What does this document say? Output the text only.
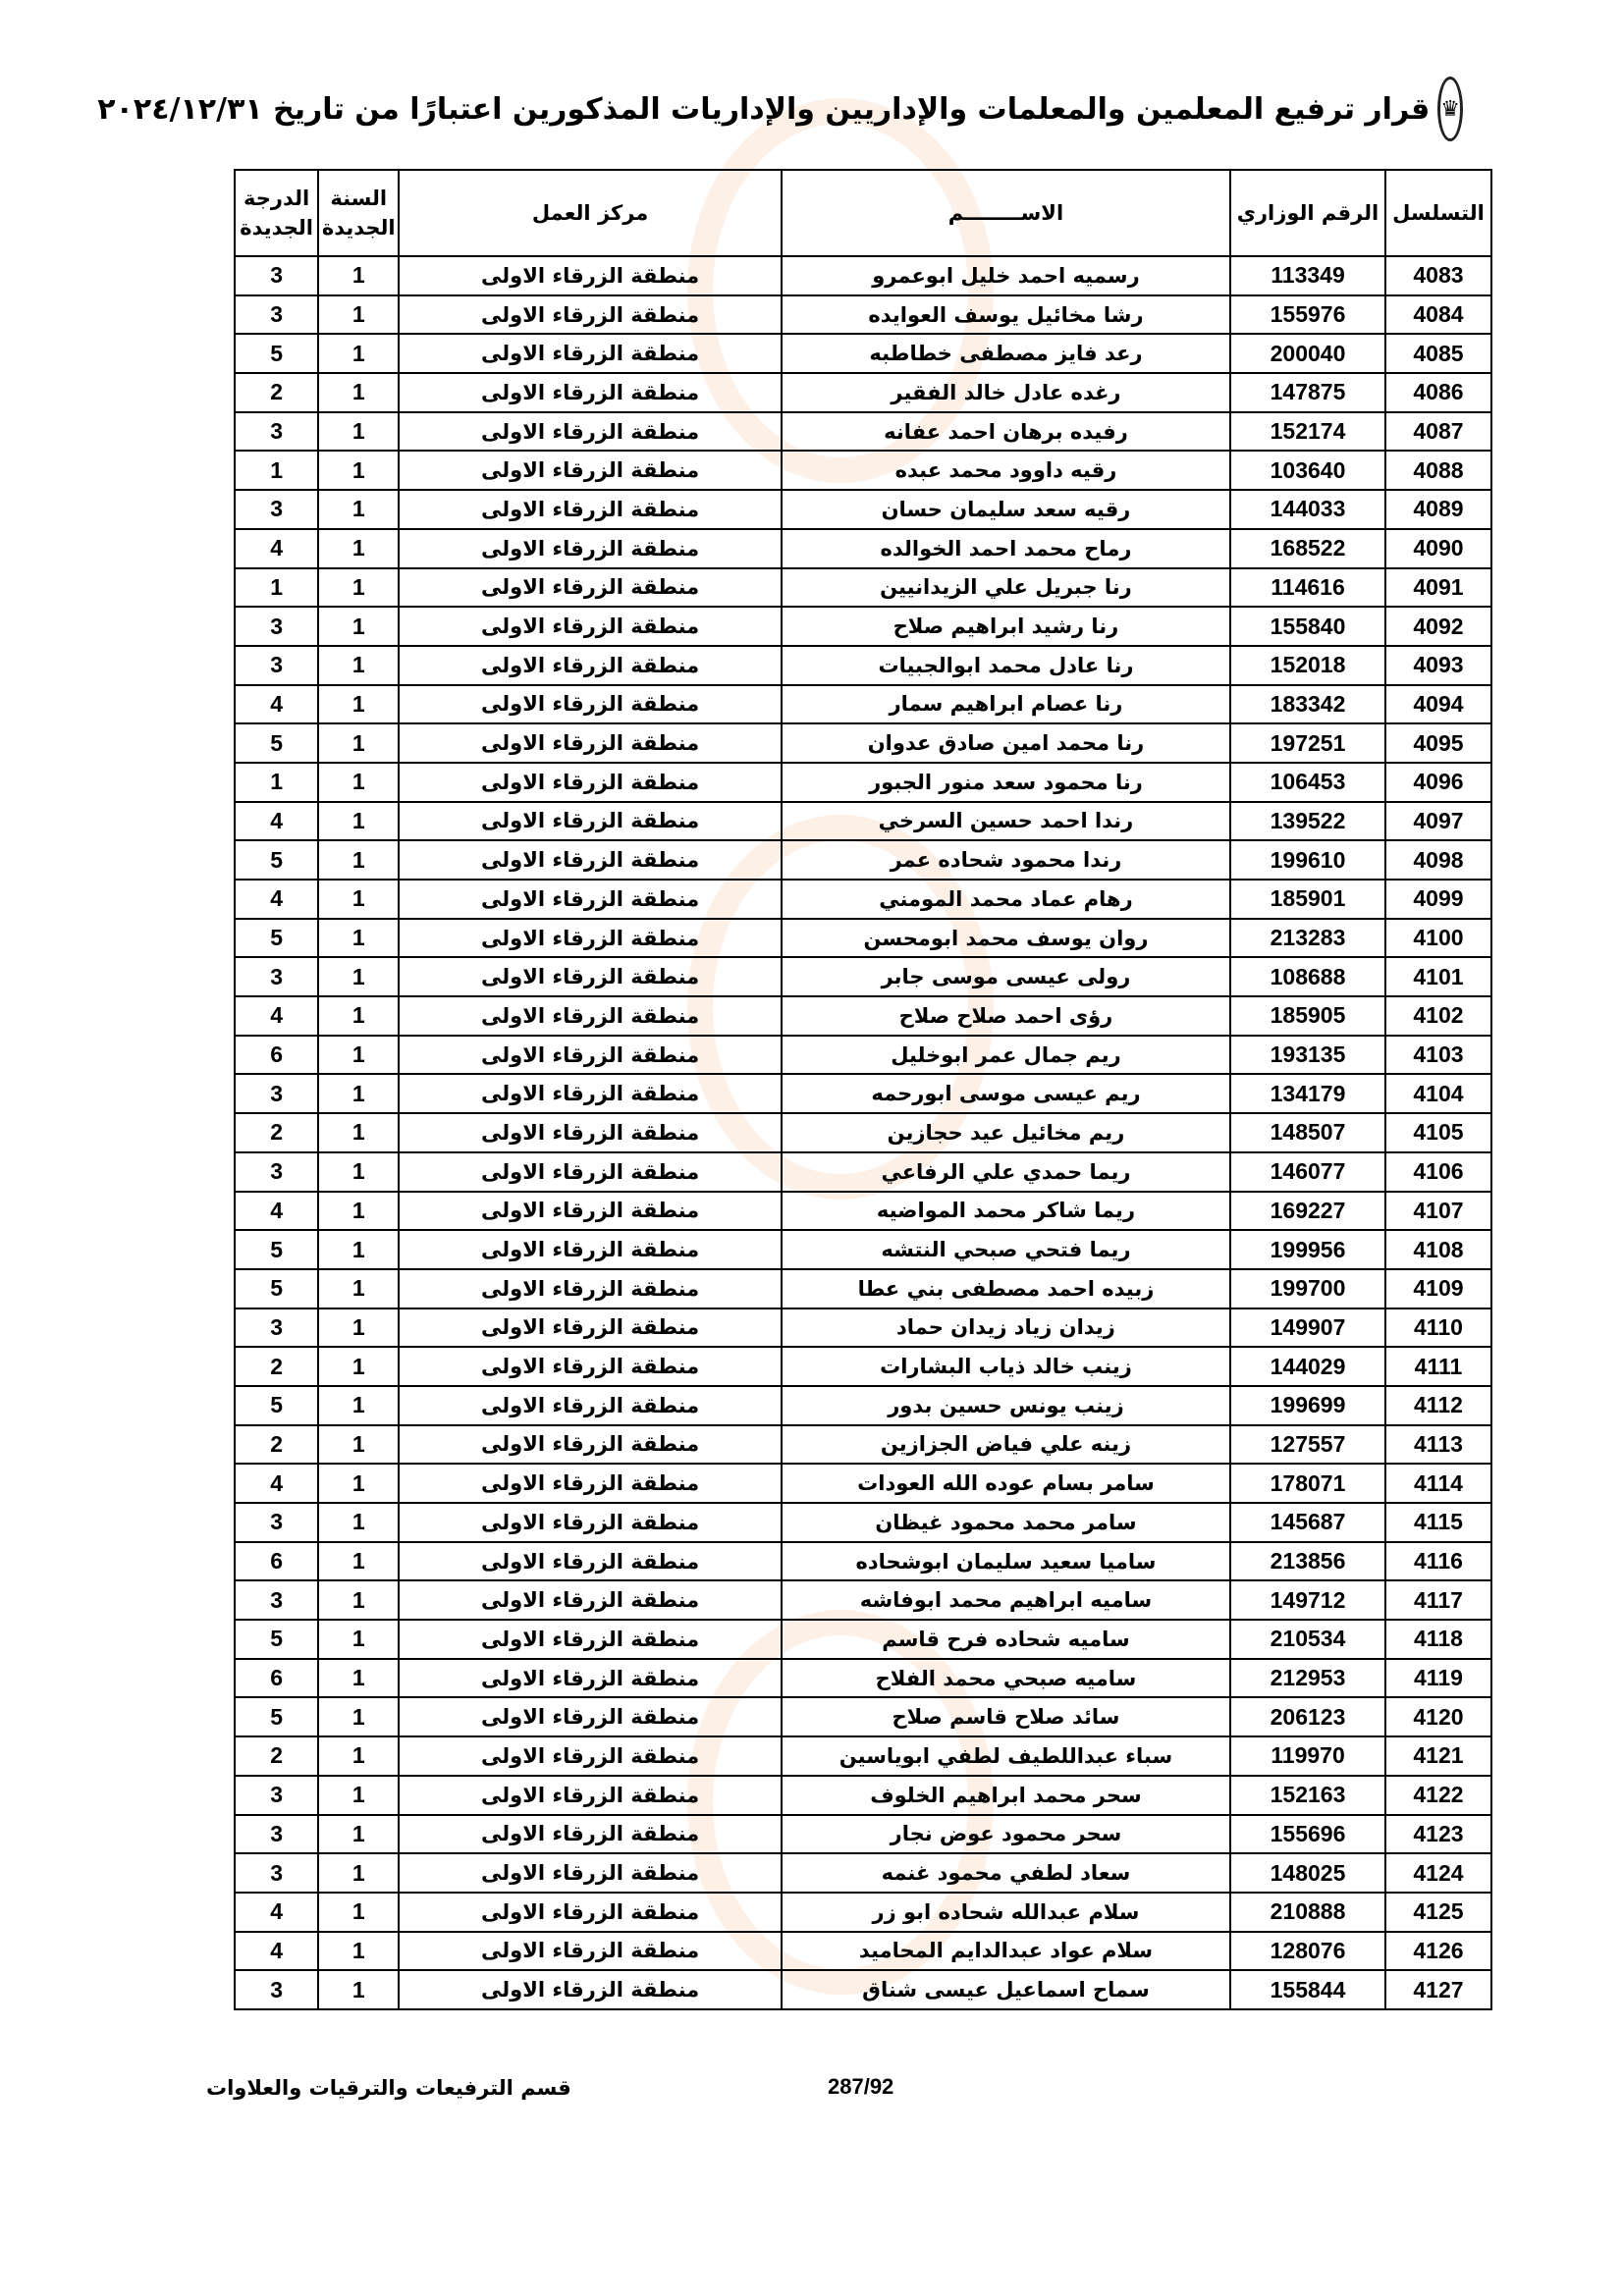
♛
قرار ترفيع المعلمين والمعلمات والإداريين والإداريات المذكورين اعتبارًا من تاريخ ٢٠٢٤/١٢/٣١
التسلسل	الرقم الوزاري	الاســــــــم	مركز العمل	السنة الجديدة	الدرجة الجديدة
4083	113349	رسميه احمد خليل ابوعمرو	منطقة الزرقاء الاولى	1	3
4084	155976	رشا مخائيل يوسف العوايده	منطقة الزرقاء الاولى	1	3
4085	200040	رعد فايز مصطفى خطاطبه	منطقة الزرقاء الاولى	1	5
4086	147875	رغده عادل خالد الفقير	منطقة الزرقاء الاولى	1	2
4087	152174	رفيده برهان احمد عفانه	منطقة الزرقاء الاولى	1	3
4088	103640	رقيه داوود محمد عبده	منطقة الزرقاء الاولى	1	1
4089	144033	رقيه سعد سليمان حسان	منطقة الزرقاء الاولى	1	3
4090	168522	رماح محمد احمد الخوالده	منطقة الزرقاء الاولى	1	4
4091	114616	رنا جبريل علي الزيدانيين	منطقة الزرقاء الاولى	1	1
4092	155840	رنا رشيد ابراهيم صلاح	منطقة الزرقاء الاولى	1	3
4093	152018	رنا عادل محمد ابوالجبيات	منطقة الزرقاء الاولى	1	3
4094	183342	رنا عصام ابراهيم سمار	منطقة الزرقاء الاولى	1	4
4095	197251	رنا محمد امين صادق عدوان	منطقة الزرقاء الاولى	1	5
4096	106453	رنا محمود سعد منور الجبور	منطقة الزرقاء الاولى	1	1
4097	139522	رندا احمد حسين السرخي	منطقة الزرقاء الاولى	1	4
4098	199610	رندا محمود شحاده عمر	منطقة الزرقاء الاولى	1	5
4099	185901	رهام عماد محمد المومني	منطقة الزرقاء الاولى	1	4
4100	213283	روان يوسف محمد ابومحسن	منطقة الزرقاء الاولى	1	5
4101	108688	رولى عيسى موسى جابر	منطقة الزرقاء الاولى	1	3
4102	185905	رؤى احمد صلاح صلاح	منطقة الزرقاء الاولى	1	4
4103	193135	ريم جمال عمر ابوخليل	منطقة الزرقاء الاولى	1	6
4104	134179	ريم عيسى موسى ابورحمه	منطقة الزرقاء الاولى	1	3
4105	148507	ريم مخائيل عيد حجازين	منطقة الزرقاء الاولى	1	2
4106	146077	ريما حمدي علي الرفاعي	منطقة الزرقاء الاولى	1	3
4107	169227	ريما شاكر محمد المواضيه	منطقة الزرقاء الاولى	1	4
4108	199956	ريما فتحي صبحي النتشه	منطقة الزرقاء الاولى	1	5
4109	199700	زبيده احمد مصطفى بني عطا	منطقة الزرقاء الاولى	1	5
4110	149907	زيدان زياد زيدان حماد	منطقة الزرقاء الاولى	1	3
4111	144029	زينب خالد ذياب البشارات	منطقة الزرقاء الاولى	1	2
4112	199699	زينب يونس حسين بدور	منطقة الزرقاء الاولى	1	5
4113	127557	زينه علي فياض الجزازين	منطقة الزرقاء الاولى	1	2
4114	178071	سامر بسام عوده الله العودات	منطقة الزرقاء الاولى	1	4
4115	145687	سامر محمد محمود غيظان	منطقة الزرقاء الاولى	1	3
4116	213856	ساميا سعيد سليمان ابوشحاده	منطقة الزرقاء الاولى	1	6
4117	149712	ساميه ابراهيم محمد ابوفاشه	منطقة الزرقاء الاولى	1	3
4118	210534	ساميه شحاده فرح قاسم	منطقة الزرقاء الاولى	1	5
4119	212953	ساميه صبحي محمد الفلاح	منطقة الزرقاء الاولى	1	6
4120	206123	سائد صلاح قاسم صلاح	منطقة الزرقاء الاولى	1	5
4121	119970	سباء عبداللطيف لطفي ابوياسين	منطقة الزرقاء الاولى	1	2
4122	152163	سحر محمد ابراهيم الخلوف	منطقة الزرقاء الاولى	1	3
4123	155696	سحر محمود عوض نجار	منطقة الزرقاء الاولى	1	3
4124	148025	سعاد لطفي محمود غنمه	منطقة الزرقاء الاولى	1	3
4125	210888	سلام عبدالله شحاده ابو زر	منطقة الزرقاء الاولى	1	4
4126	128076	سلام عواد عبدالدايم المحاميد	منطقة الزرقاء الاولى	1	4
4127	155844	سماح اسماعيل عيسى شناق	منطقة الزرقاء الاولى	1	3
287/92
قسم الترفيعات والترقيات والعلاوات
